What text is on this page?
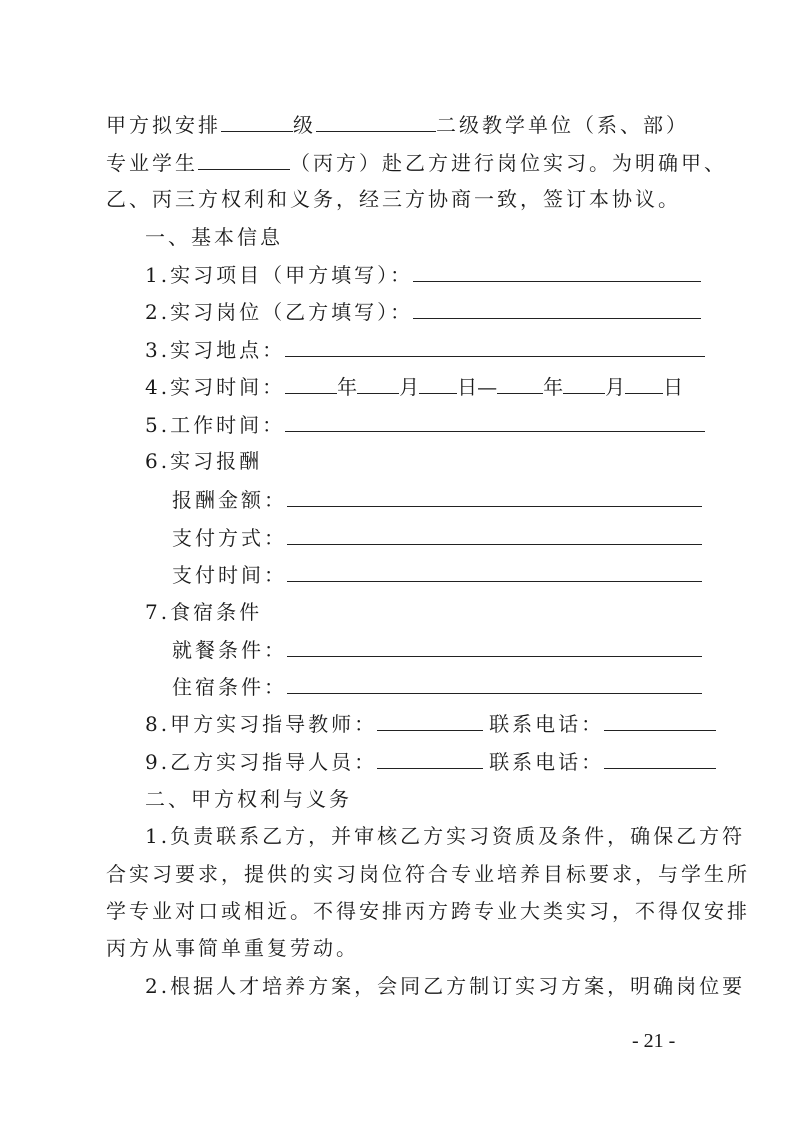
甲方拟安排	级	二级教学单位（系、部）
专业学生	（丙方）赴乙方进行岗位实习。为明确甲、
乙、丙三方权利和义务，经三方协商一致，签订本协议。
一、基本信息
1.实习项目（甲方填写）：
2.实习岗位（乙方填写）：
3.实习地点：
4.实习时间：	年 月 日— 年 月 日
5.工作时间：
6.实习报酬
报酬金额：
支付方式：
支付时间：
7.食宿条件
就餐条件：
住宿条件：
8.甲方实习指导教师：	联系电话：
9.乙方实习指导人员：	联系电话：
二、甲方权利与义务
1.负责联系乙方，并审核乙方实习资质及条件，确保乙方符
合实习要求，提供的实习岗位符合专业培养目标要求，与学生所
学专业对口或相近。不得安排丙方跨专业大类实习，不得仅安排
丙方从事简单重复劳动。
2.根据人才培养方案，会同乙方制订实习方案，明确岗位要
- 21 -
